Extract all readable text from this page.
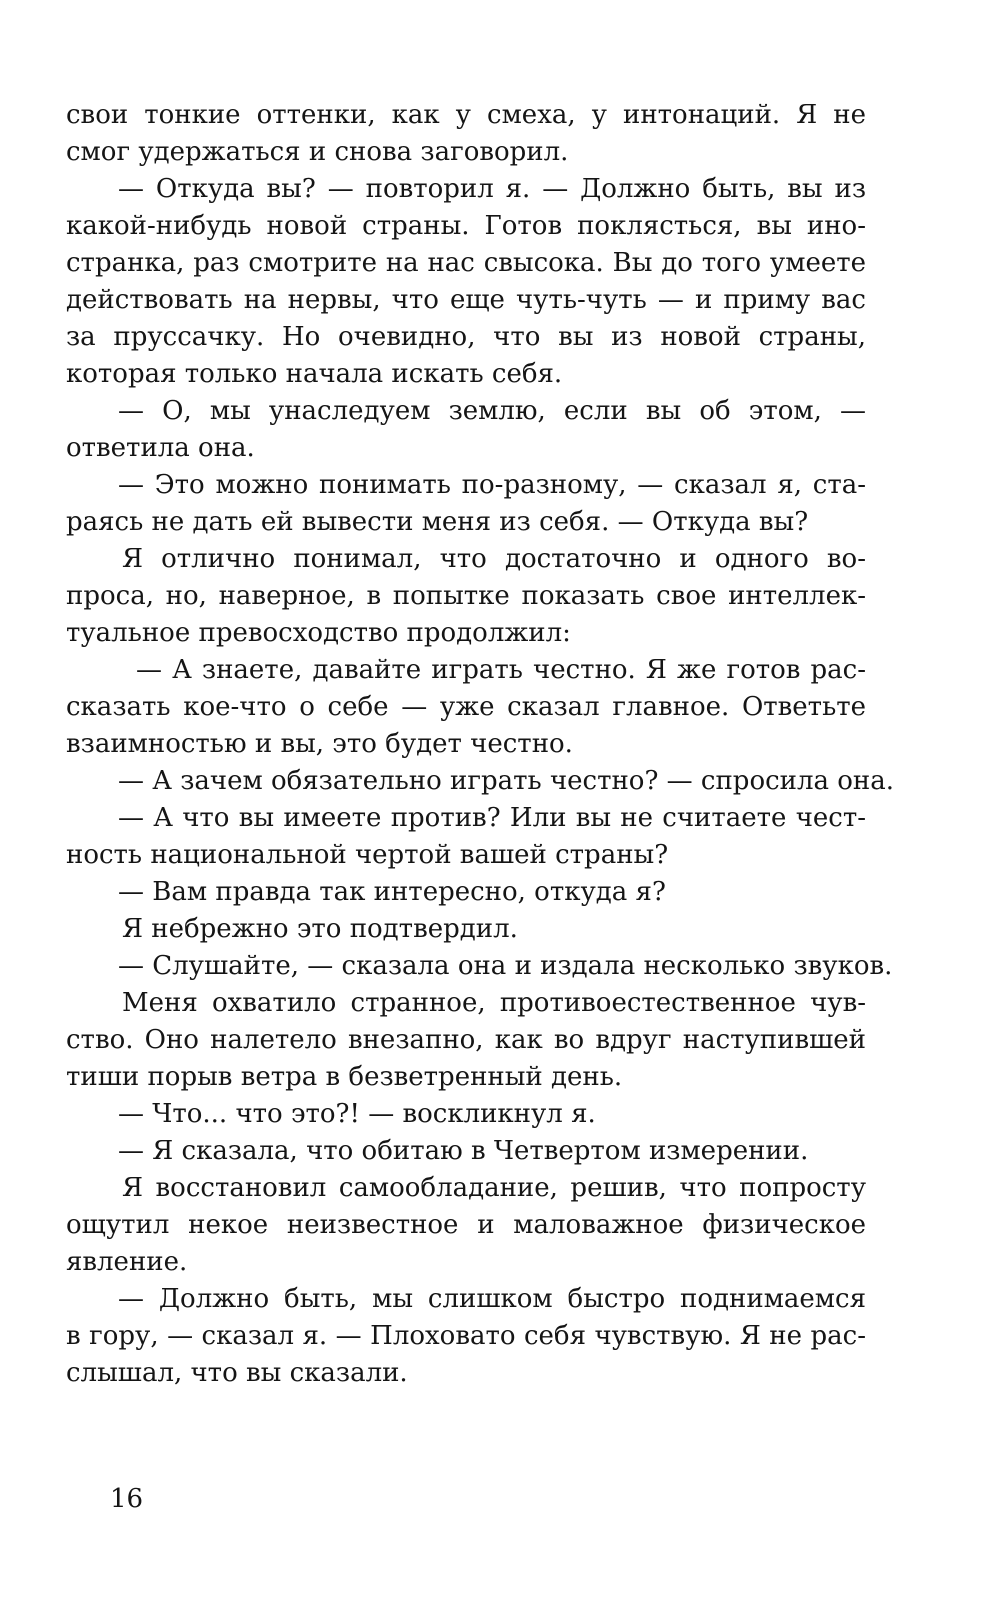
свои тонкие оттенки, как у смеха, у интонаций. Я не
смог удержаться и снова заговорил.
— Откуда вы? — повторил я. — Должно быть, вы из
какой-нибудь новой страны. Готов поклясться, вы ино-
странка, раз смотрите на нас свысока. Вы до того умеете
действовать на нервы, что еще чуть-чуть — и приму вас
за пруссачку. Но очевидно, что вы из новой страны,
которая только начала искать себя.
— О, мы унаследуем землю, если вы об этом, —
ответила она.
— Это можно понимать по-разному, — сказал я, ста-
раясь не дать ей вывести меня из себя. — Откуда вы?
Я отлично понимал, что достаточно и одного во-
проса, но, наверное, в попытке показать свое интеллек-
туальное превосходство продолжил:
— А знаете, давайте играть честно. Я же готов рас-
сказать кое-что о себе — уже сказал главное. Ответьте
взаимностью и вы, это будет честно.
— А зачем обязательно играть честно? — спросила она.
— А что вы имеете против? Или вы не считаете чест-
ность национальной чертой вашей страны?
— Вам правда так интересно, откуда я?
Я небрежно это подтвердил.
— Слушайте, — сказала она и издала несколько звуков.
Меня охватило странное, противоестественное чув-
ство. Оно налетело внезапно, как во вдруг наступившей
тиши порыв ветра в безветренный день.
— Что... что это?! — воскликнул я.
— Я сказала, что обитаю в Четвертом измерении.
Я восстановил самообладание, решив, что попросту
ощутил некое неизвестное и маловажное физическое
явление.
— Должно быть, мы слишком быстро поднимаемся
в гору, — сказал я. — Плоховато себя чувствую. Я не рас-
слышал, что вы сказали.
16
